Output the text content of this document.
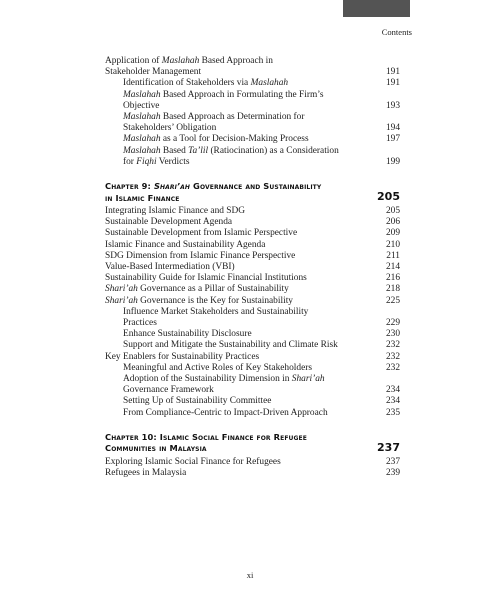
Contents
Application of Maslahah Based Approach in
Stakeholder Management	191
Identification of Stakeholders via Maslahah	191
Maslahah Based Approach in Formulating the Firm’s
Objective	193
Maslahah Based Approach as Determination for
Stakeholders’ Obligation	194
Maslahah as a Tool for Decision-Making Process	197
Maslahah Based Ta’lil (Ratiocination) as a Consideration
for Fiqhi Verdicts	199
Chapter 9: Shari’ah Governance and Sustainability
in Islamic Finance	205
Integrating Islamic Finance and SDG	205
Sustainable Development Agenda	206
Sustainable Development from Islamic Perspective	209
Islamic Finance and Sustainability Agenda	210
SDG Dimension from Islamic Finance Perspective	211
Value-Based Intermediation (VBI)	214
Sustainability Guide for Islamic Financial Institutions	216
Shari’ah Governance as a Pillar of Sustainability	218
Shari’ah Governance is the Key for Sustainability	225
Influence Market Stakeholders and Sustainability
Practices	229
Enhance Sustainability Disclosure	230
Support and Mitigate the Sustainability and Climate Risk	232
Key Enablers for Sustainability Practices	232
Meaningful and Active Roles of Key Stakeholders	232
Adoption of the Sustainability Dimension in Shari’ah
Governance Framework	234
Setting Up of Sustainability Committee	234
From Compliance-Centric to Impact-Driven Approach	235
Chapter 10: Islamic Social Finance for Refugee
Communities in Malaysia	237
Exploring Islamic Social Finance for Refugees	237
Refugees in Malaysia	239
xi
